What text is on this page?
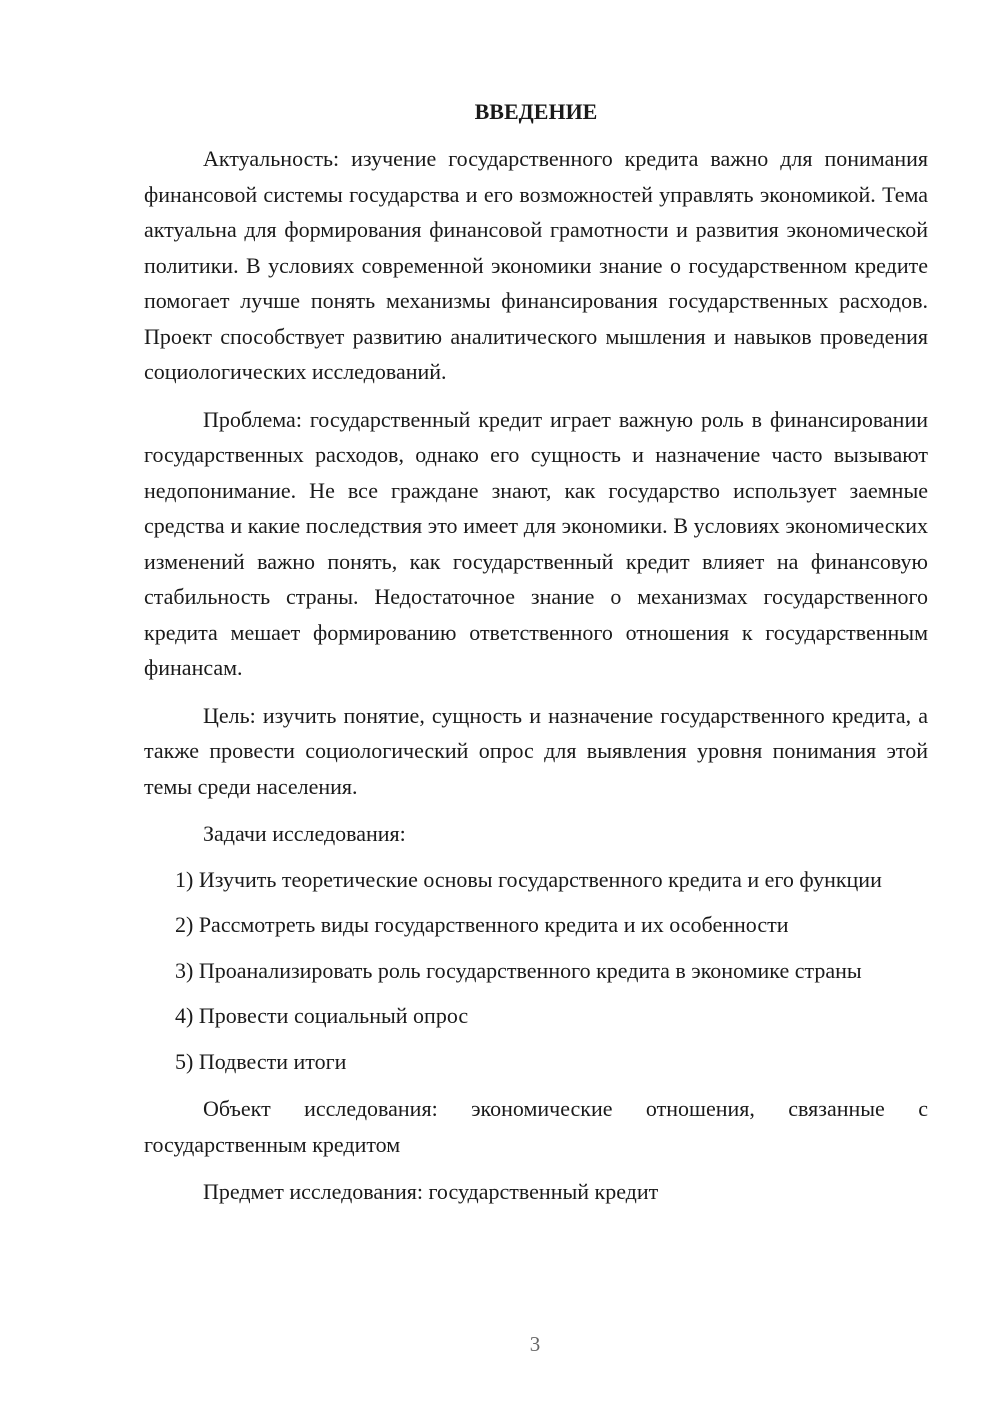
ВВЕДЕНИЕ

Актуальность: изучение государственного кредита важно для понимания финансовой системы государства и его возможностей управлять экономикой. Тема актуальна для формирования финансовой грамотности и развития экономической политики. В условиях современной экономики знание о государственном кредите помогает лучше понять механизмы финансирования государственных расходов. Проект способствует развитию аналитического мышления и навыков проведения социологических исследований.

Проблема: государственный кредит играет важную роль в финансировании государственных расходов, однако его сущность и назначение часто вызывают недопонимание. Не все граждане знают, как государство использует заемные средства и какие последствия это имеет для экономики. В условиях экономических изменений важно понять, как государственный кредит влияет на финансовую стабильность страны. Недостаточное знание о механизмах государственного кредита мешает формированию ответственного отношения к государственным финансам.

Цель: изучить понятие, сущность и назначение государственного кредита, а также провести социологический опрос для выявления уровня понимания этой темы среди населения.

Задачи исследования:

1) Изучить теоретические основы государственного кредита и его функции

2) Рассмотреть виды государственного кредита и их особенности

3) Проанализировать роль государственного кредита в экономике страны

4) Провести социальный опрос

5) Подвести итоги

Объект исследования: экономические отношения, связанные с государственным кредитом

Предмет исследования: государственный кредит

3
